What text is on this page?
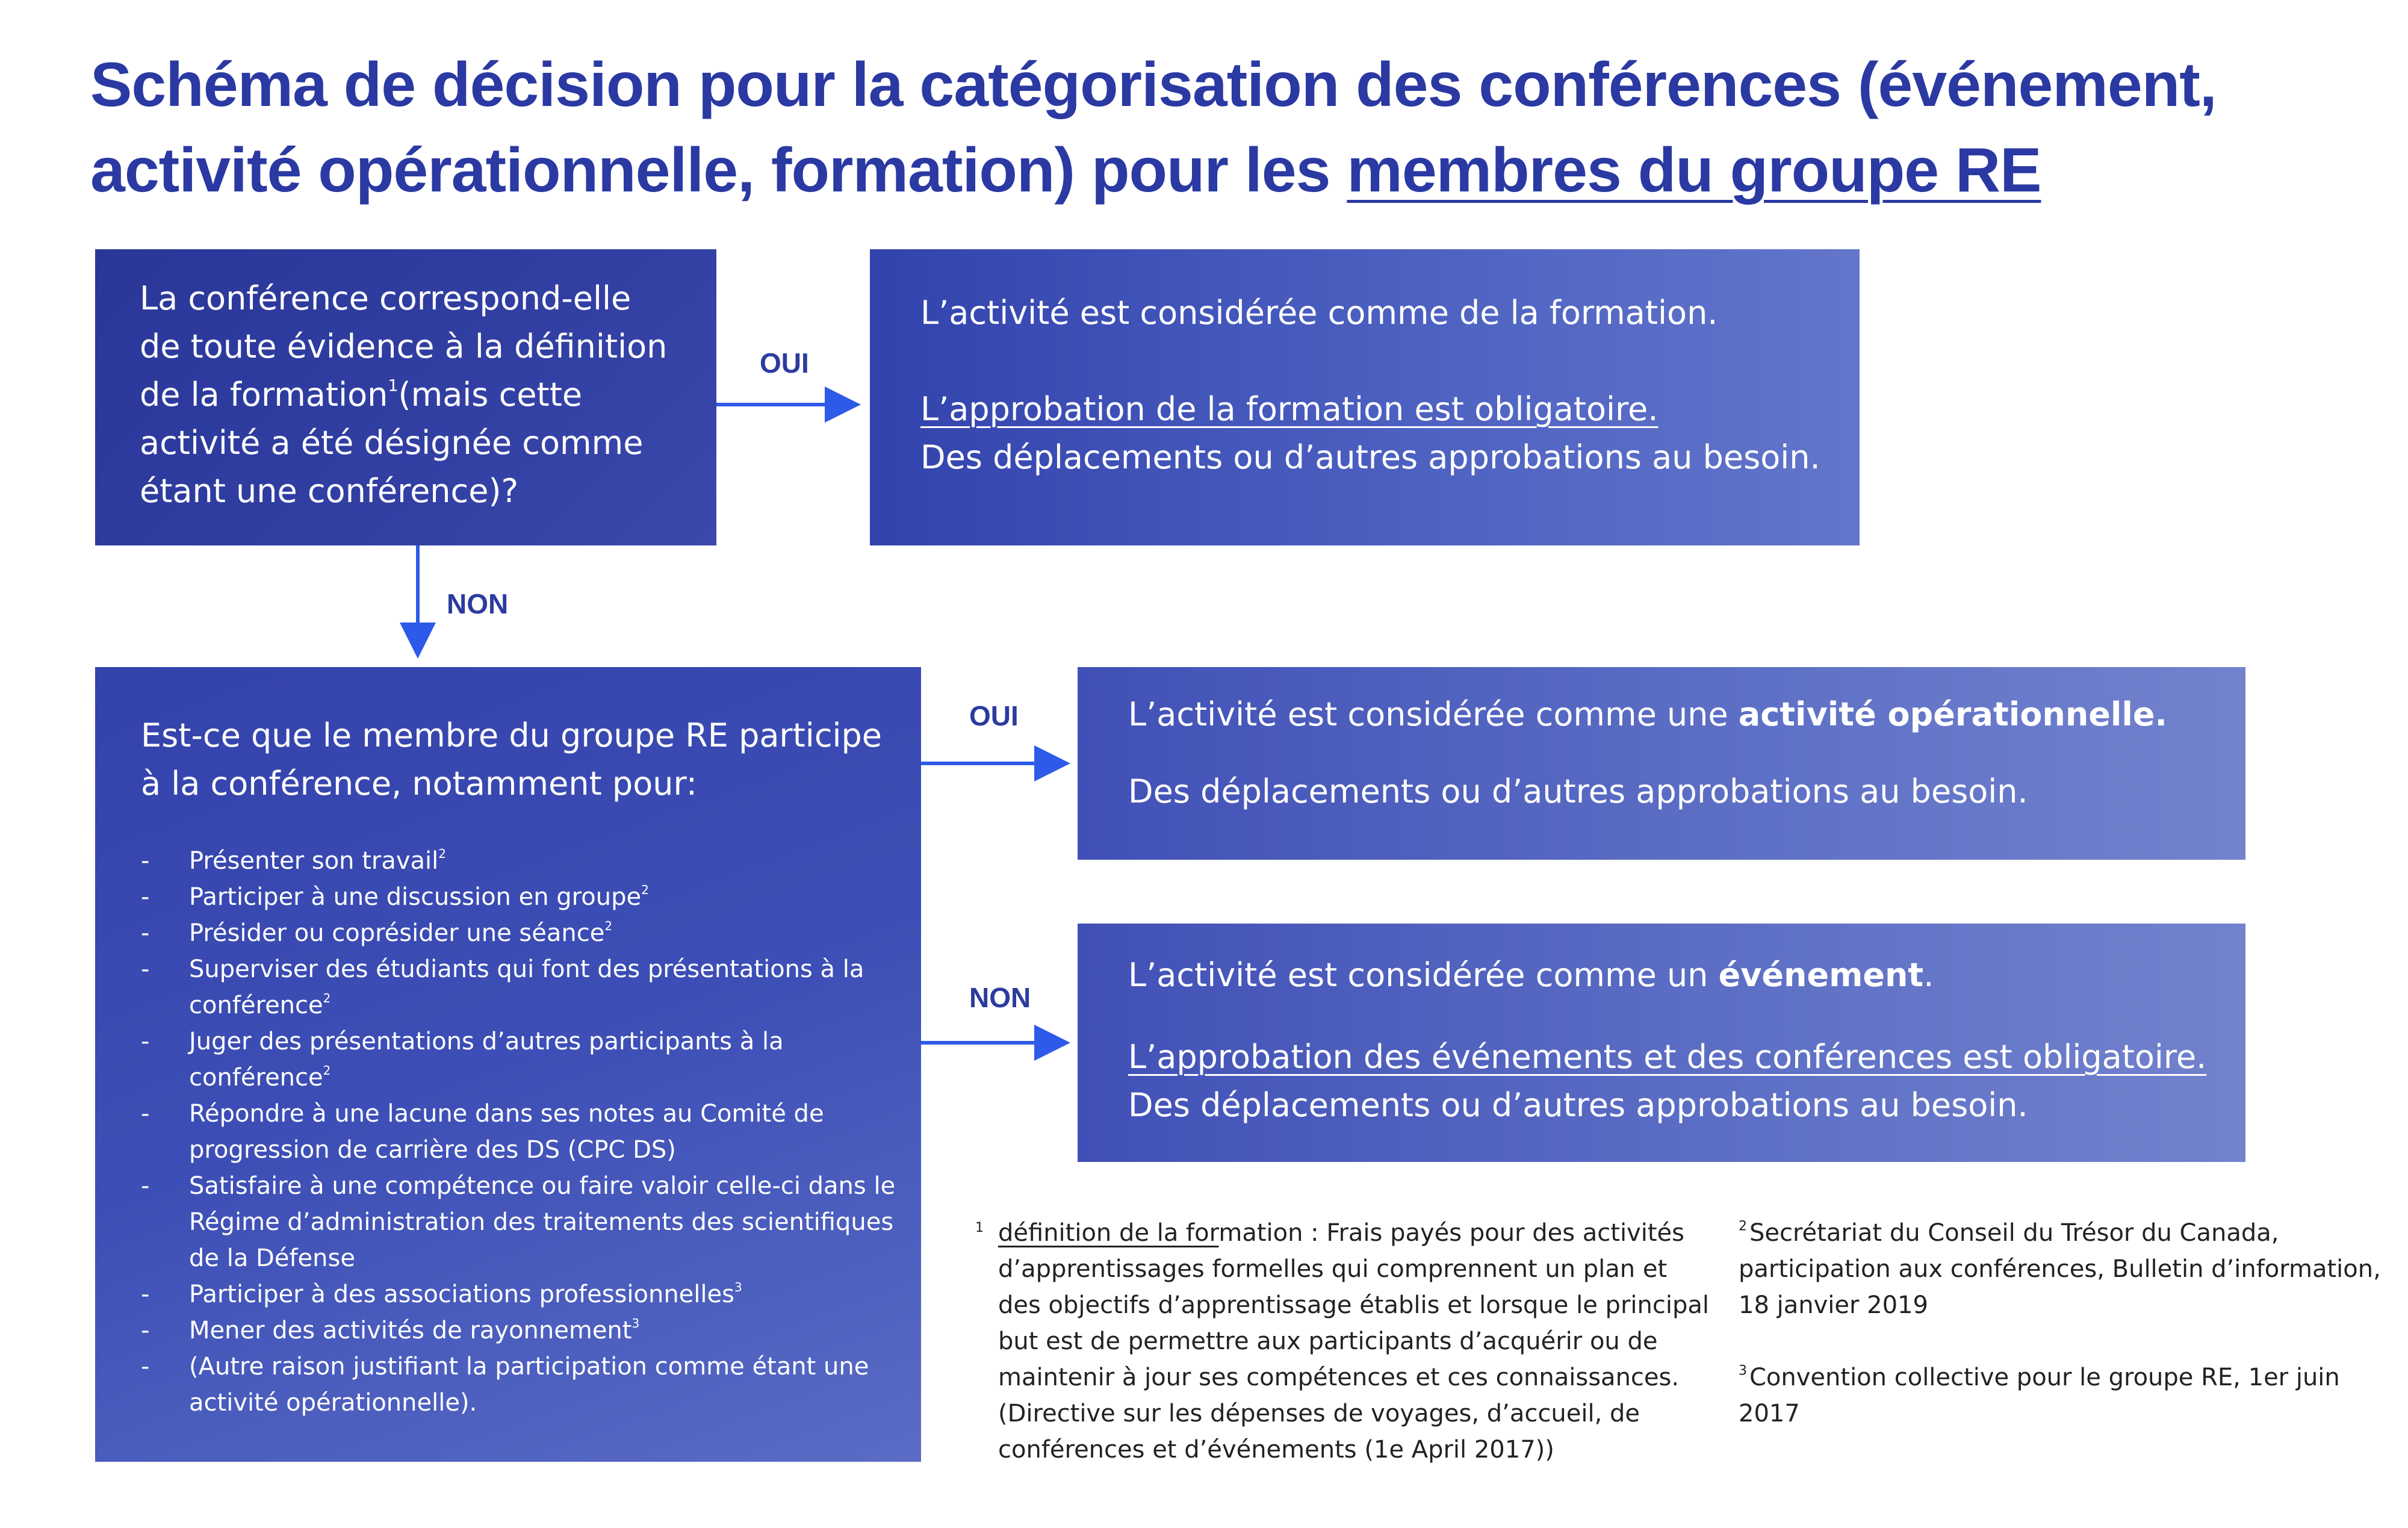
Schéma de décision pour la catégorisation des conférences (événement,
activité opérationnelle, formation) pour les membres du groupe RE
La conférence correspond-elle de toute évidence à la définition de la formation$^1$(mais cette activité a été désignée comme étant une conférence)?
L’activité est considérée comme de la formation.
L’approbation de la formation est obligatoire.
Des déplacements ou d’autres approbations au besoin.
Est-ce que le membre du groupe RE participe à la conférence, notamment pour:
- Présenter son travail$^2$
- Participer à une discussion en groupe$^2$
- Présider ou coprésider une séance$^2$
- Superviser des étudiants qui font des présentations à la conférence$^2$
- Juger des présentations d’autres participants à la conférence$^2$
- Répondre à une lacune dans ses notes au Comité de progression de carrière des DS (CPC DS)
- Satisfaire à une compétence ou faire valoir celle-ci dans le Régime d’administration des traitements des scientifiques de la Défense
- Participer à des associations professionnelles$^3$
- Mener des activités de rayonnement$^3$
- (Autre raison justifiant la participation comme étant une activité opérationnelle).
L’activité est considérée comme une activité opérationnelle.
Des déplacements ou d’autres approbations au besoin.
L’activité est considérée comme un événement.
L’approbation des événements et des conférences est obligatoire.
Des déplacements ou d’autres approbations au besoin.
OUI
NON
OUI
NON
1 définition de la formation : Frais payés pour des activités d’apprentissages formelles qui comprennent un plan et des objectifs d’apprentissage établis et lorsque le principal but est de permettre aux participants d’acquérir ou de maintenir à jour ses compétences et ces connaissances. (Directive sur les dépenses de voyages, d’accueil, de conférences et d’événements (1e April 2017))
$^2$ Secrétariat du Conseil du Trésor du Canada, participation aux conférences, Bulletin d’information, 18 janvier 2019
$^3$ Convention collective pour le groupe RE, 1er juin 2017
